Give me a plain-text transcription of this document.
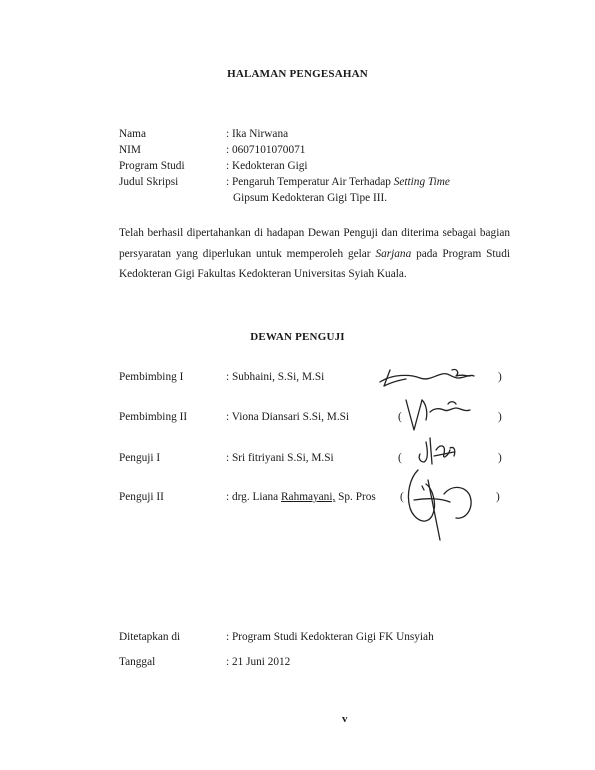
HALAMAN PENGESAHAN
Nama	: Ika Nirwana
NIM	: 0607101070071
Program Studi	: Kedokteran Gigi
Judul Skripsi	: Pengaruh Temperatur Air Terhadap Setting Time
Gipsum Kedokteran Gigi Tipe III.
Telah berhasil dipertahankan di hadapan Dewan Penguji dan diterima sebagai bagian persyaratan yang diperlukan untuk memperoleh gelar Sarjana pada Program Studi Kedokteran Gigi Fakultas Kedokteran Universitas Syiah Kuala.
DEWAN PENGUJI
Pembimbing I	: Subhaini, S.Si, M.Si	)
Pembimbing II	: Viona Diansari S.Si, M.Si	(	)
Penguji I	: Sri fitriyani S.Si, M.Si	(	)
Penguji II	: drg. Liana Rahmayani, Sp. Pros (	)
Ditetapkan di	: Program Studi Kedokteran Gigi FK Unsyiah
Tanggal	: 21 Juni 2012
v
